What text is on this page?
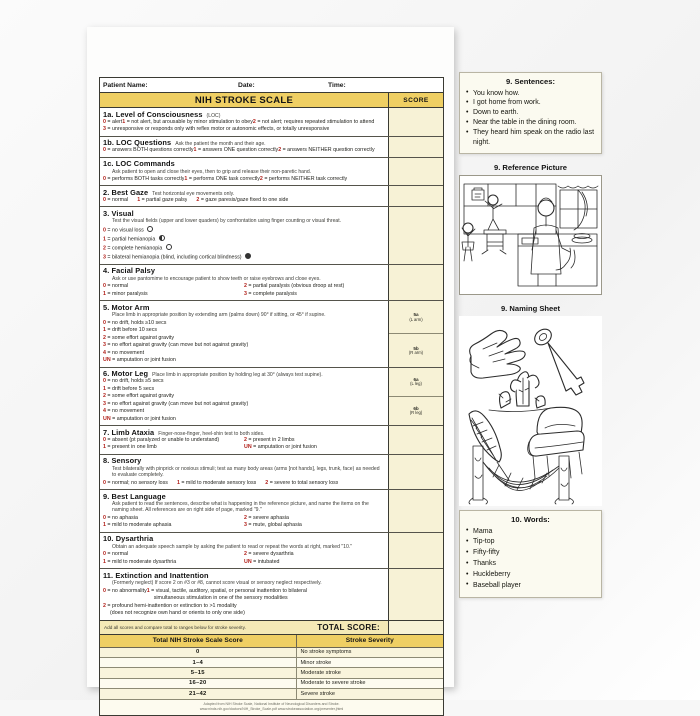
Patient Name:	Date:	Time:
NIH STROKE SCALE	SCORE
1a. Level of Consciousness (LOC)
0 = alert 1 = not alert, but arousable by minor stimulation to obey 2 = not alert; requires repeated stimulation to attend
3 = unresponsive or responds only with reflex motor or autonomic effects, or totally unresponsive
1b. LOC Questions Ask the patient the month and their age.
0 = answers BOTH questions correctly 1 = answers ONE question correctly 2 = answers NEITHER question correctly
1c. LOC Commands
Ask patient to open and close their eyes, then to grip and release their non-paretic hand.
0 = performs BOTH tasks correctly 1 = performs ONE task correctly 2 = performs NEITHER task correctly
2. Best Gaze Test horizontal eye movements only.
0 = normal 1 = partial gaze palsy 2 = gaze paresis/gaze fixed to one side
3. Visual
Test the visual fields (upper and lower quaders) by confrontation using finger counting or visual threat.
0 = no visual loss
1 = partial hemianopia
2 = complete hemianopia
3 = bilateral hemianopia (blind, including cortical blindness)
4. Facial Palsy
Ask or use pantomime to encourage patient to show teeth or raise eyebrows and close eyes.
0 = normal
1 = minor paralysis
2 = partial paralysis (obvious droop at rest)
3 = complete paralysis
5. Motor Arm
Place limb in appropriate position by extending arm (palms down) 90° if sitting, or 45° if supine.
0 = no drift, holds ≥10 secs
1 = drift before 10 secs
2 = some effort against gravity
3 = no effort against gravity (can move but not against gravity)
4 = no movement
UN = amputation or joint fusion
5a
(L arm)
5b
(R arm)
6. Motor Leg Place limb in appropriate position by holding leg at 30° (always test supine).
0 = no drift, holds ≥5 secs
1 = drift before 5 secs
2 = some effort against gravity
3 = no effort against gravity (can move but not against gravity)
4 = no movement
UN = amputation or joint fusion
6a
(L leg)
6b
(R leg)
7. Limb Ataxia Finger-nose-finger, heel-shin test to both sides.
0 = absent (pt paralyzed or unable to understand)
1 = present in one limb
2 = present in 2 limbs
UN = amputation or joint fusion
8. Sensory
Test bilaterally with pinprick or noxious stimuli; test as many body areas (arms [not hands], legs, trunk, face) as needed to evaluate completely.
0 = normal; no sensory loss 1 = mild to moderate sensory loss 2 = severe to total sensory loss
9. Best Language
Ask patient to read the sentences, describe what is happening in the reference picture, and name the items on the naming sheet. All references are on right side of page, marked "9."
0 = no aphasia
1 = mild to moderate aphasia
2 = severe aphasia
3 = mute, global aphasia
10. Dysarthria
Obtain an adequate speech sample by asking the patient to read or repeat the words at right, marked "10."
0 = normal
1 = mild to moderate dysarthria
2 = severe dysarthria
UN = intubated
11. Extinction and Inattention
(Formerly neglect) If score 2 on #3 or #8, cannot score visual or sensory neglect respectively.
0 = no abnormality 1 = visual, tactile, auditory, spatial, or personal inattention to bilateral
simultaneous stimulation in one of the sensory modalities
2 = profound hemi-inattention or extinction to >1 modality
(does not recognize own hand or orients to only one side)
Add all scores and compare total to ranges below for stroke severity.	TOTAL SCORE:
Total NIH Stroke Scale Score	Stroke Severity
0	No stroke symptoms
1–4	Minor stroke
5–15	Moderate stroke
16–20	Moderate to severe stroke
21–42	Severe stroke
Adapted from NIH Stroke Scale, National Institute of Neurological Disorders and Stroke.
www.ninds.nih.gov/doctors/NIH_Stroke_Scale.pdf www.strokeassociation.org/presenter.jhtml
9. Sentences:
• You know how.
• I got home from work.
• Down to earth.
• Near the table in the dining room.
• They heard him speak on the radio last night.
9. Reference Picture
9. Naming Sheet
10. Words:
• Mama
• Tip-top
• Fifty-fifty
• Thanks
• Huckleberry
• Baseball player
